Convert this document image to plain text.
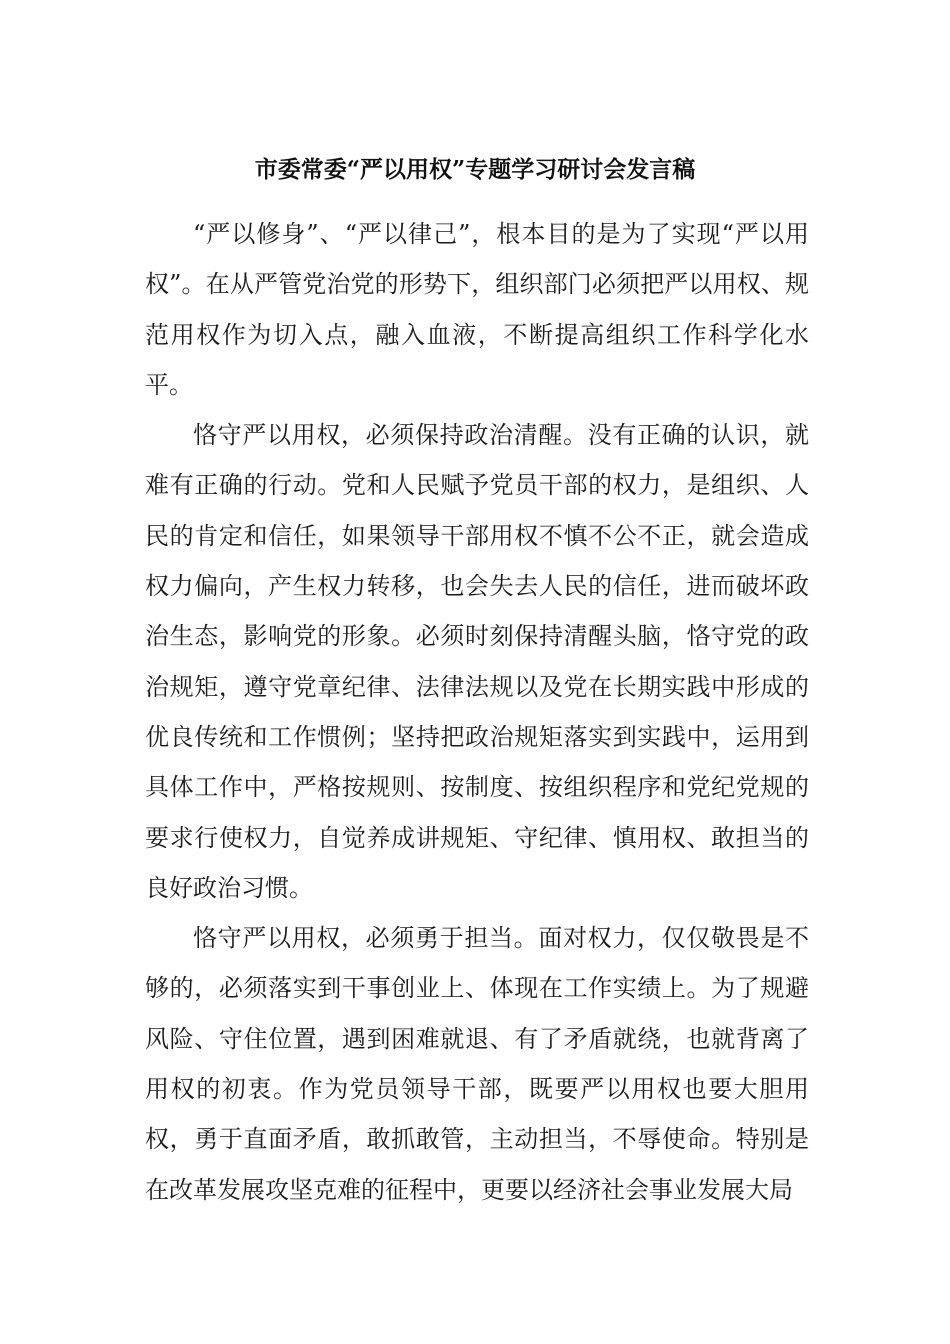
市委常委“严以用权”专题学习研讨会发言稿

“严以修身”、“严以律己”，根本目的是为了实现“严以用权”。在从严管党治党的形势下，组织部门必须把严以用权、规范用权作为切入点，融入血液，不断提高组织工作科学化水平。

恪守严以用权，必须保持政治清醒。没有正确的认识，就难有正确的行动。党和人民赋予党员干部的权力，是组织、人民的肯定和信任，如果领导干部用权不慎不公不正，就会造成权力偏向，产生权力转移，也会失去人民的信任，进而破坏政治生态，影响党的形象。必须时刻保持清醒头脑，恪守党的政治规矩，遵守党章纪律、法律法规以及党在长期实践中形成的优良传统和工作惯例；坚持把政治规矩落实到实践中，运用到具体工作中，严格按规则、按制度、按组织程序和党纪党规的要求行使权力，自觉养成讲规矩、守纪律、慎用权、敢担当的良好政治习惯。

恪守严以用权，必须勇于担当。面对权力，仅仅敬畏是不够的，必须落实到干事创业上、体现在工作实绩上。为了规避风险、守住位置，遇到困难就退、有了矛盾就绕，也就背离了用权的初衷。作为党员领导干部，既要严以用权也要大胆用权，勇于直面矛盾，敢抓敢管，主动担当，不辱使命。特别是在改革发展攻坚克难的征程中，更要以经济社会事业发展大局
